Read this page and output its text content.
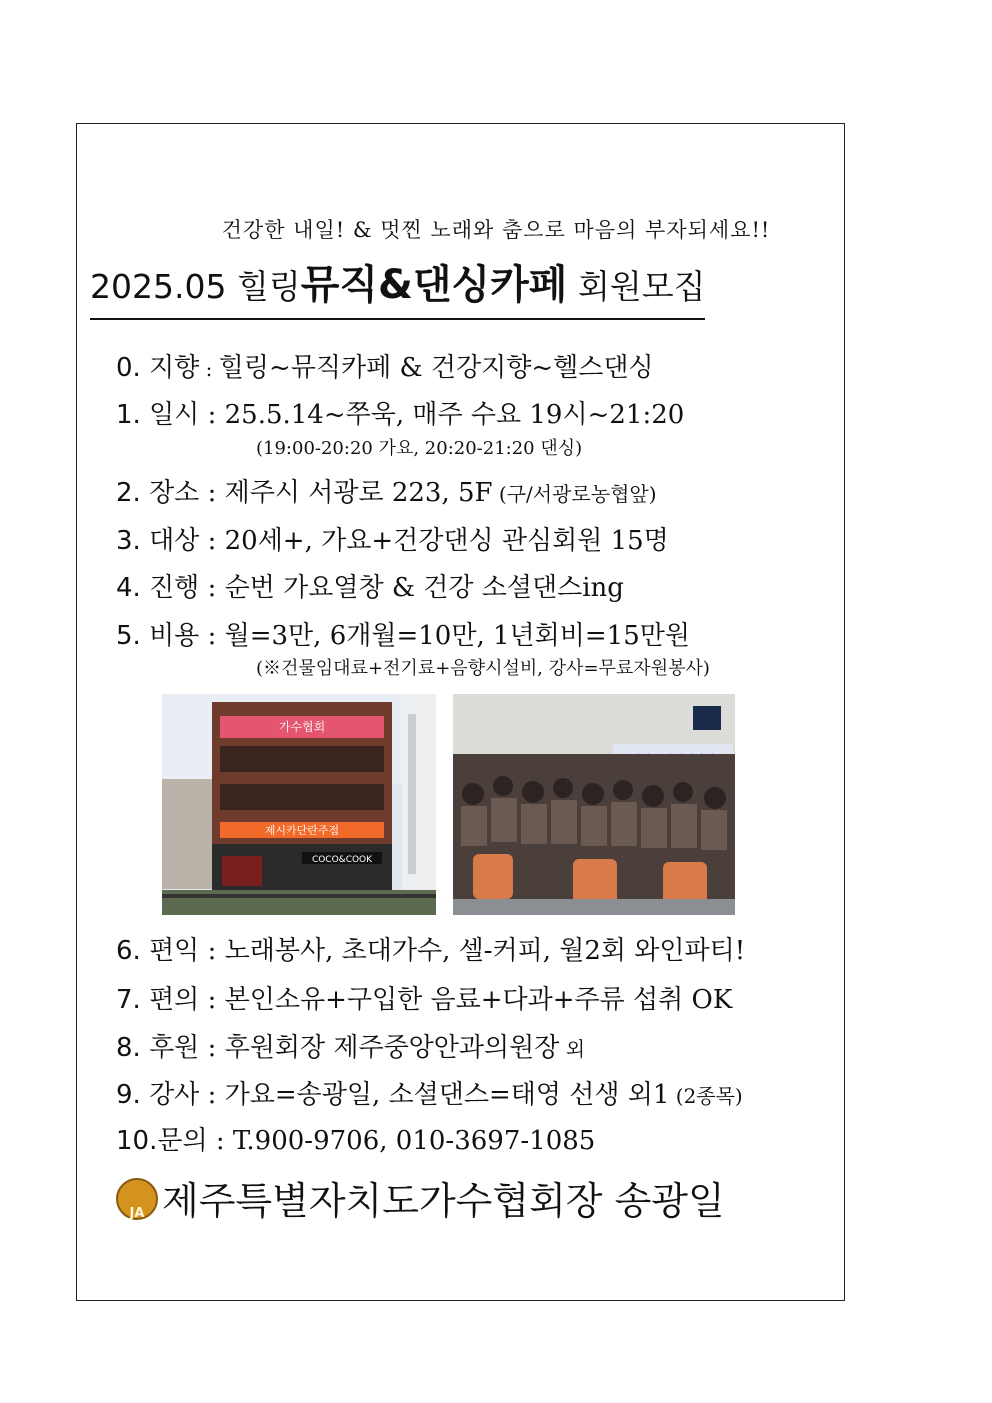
건강한 내일! & 멋찐 노래와 춤으로 마음의 부자되세요!!
2025.05 힐링뮤직&댄싱카페 회원모집
0. 지향 : 힐링~뮤직카페 & 건강지향~헬스댄싱
1. 일시 : 25.5.14~쭈욱, 매주 수요 19시~21:20
(19:00-20:20 가요, 20:20-21:20 댄싱)
2. 장소 : 제주시 서광로 223, 5F (구/서광로농협앞)
3. 대상 : 20세+, 가요+건강댄싱 관심회원 15명
4. 진행 : 순번 가요열창 & 건강 소셜댄스ing
5. 비용 : 월=3만, 6개월=10만, 1년회비=15만원
(※건물임대료+전기료+음향시설비, 강사=무료자원봉사)
가수협회
제시카단란주점
COCO&COOK
6. 편익 : 노래봉사, 초대가수, 셀-커피, 월2회 와인파티!
7. 편의 : 본인소유+구입한 음료+다과+주류 섭취 OK
8. 후원 : 후원회장 제주중앙안과의원장 외
9. 강사 : 가요=송광일, 소셜댄스=태영 선생 외1 (2종목)
10.문의 : T.900-9706, 010-3697-1085
JA 제주특별자치도가수협회장 송광일
